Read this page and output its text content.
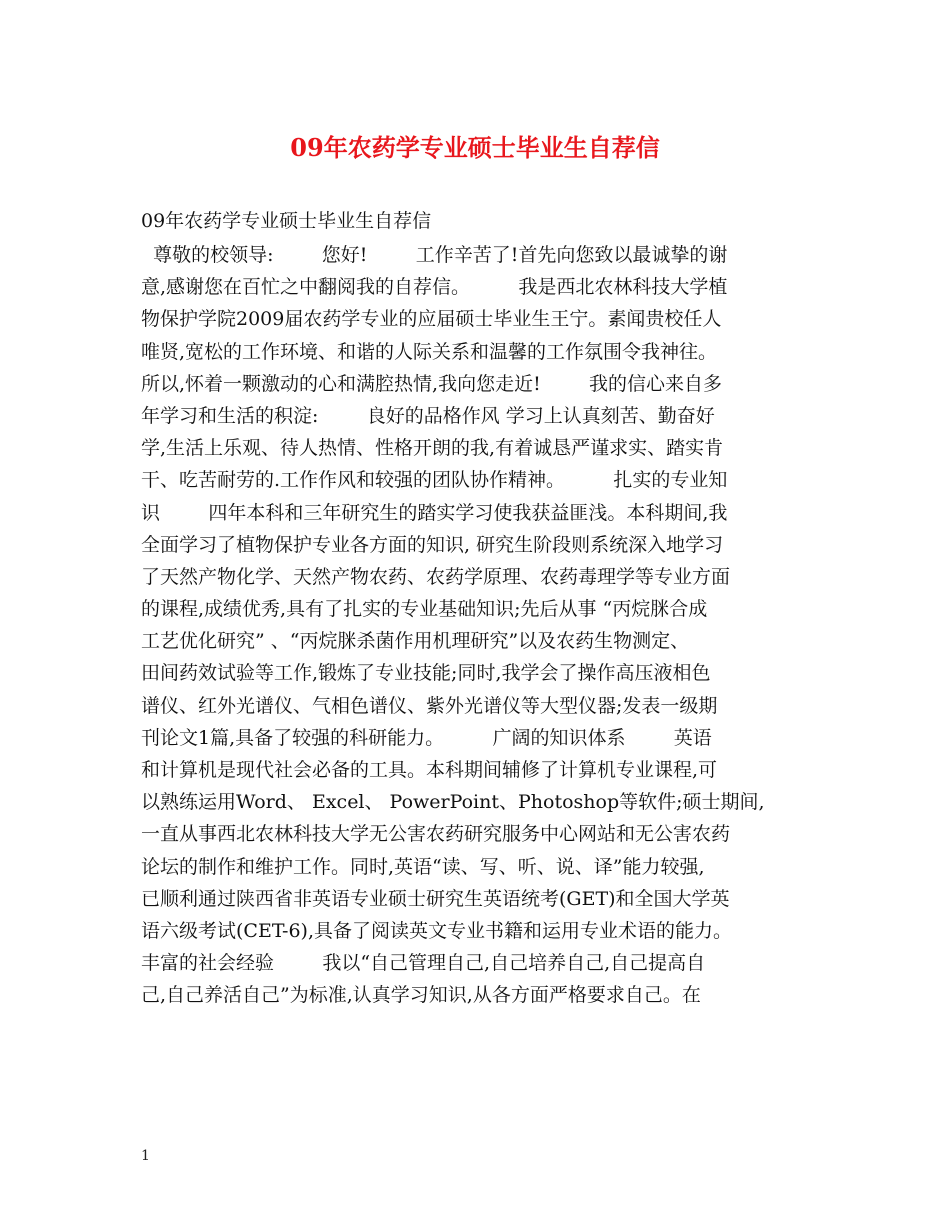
09年农药学专业硕士毕业生自荐信
09年农药学专业硕士毕业生自荐信
尊敬的校领导:        您好!        工作辛苦了!首先向您致以最诚挚的谢
意,感谢您在百忙之中翻阅我的自荐信。        我是西北农林科技大学植
物保护学院2009届农药学专业的应届硕士毕业生王宁。素闻贵校任人
唯贤,宽松的工作环境、和谐的人际关系和温馨的工作氛围令我神往。
所以,怀着一颗激动的心和满腔热情,我向您走近!        我的信心来自多
年学习和生活的积淀:        良好的品格作风 学习上认真刻苦、勤奋好
学,生活上乐观、待人热情、性格开朗的我,有着诚恳严谨求实、踏实肯
干、吃苦耐劳的.工作作风和较强的团队协作精神。        扎实的专业知
识        四年本科和三年研究生的踏实学习使我获益匪浅。本科期间,我
全面学习了植物保护专业各方面的知识, 研究生阶段则系统深入地学习
了天然产物化学、天然产物农药、农药学原理、农药毒理学等专业方面
的课程,成绩优秀,具有了扎实的专业基础知识;先后从事 “丙烷脒合成
工艺优化研究” 、“丙烷脒杀菌作用机理研究”以及农药生物测定、
田间药效试验等工作,锻炼了专业技能;同时,我学会了操作高压液相色
谱仪、红外光谱仪、气相色谱仪、紫外光谱仪等大型仪器;发表一级期
刊论文1篇,具备了较强的科研能力。        广阔的知识体系        英语
和计算机是现代社会必备的工具。本科期间辅修了计算机专业课程,可
以熟练运用Word、 Excel、 PowerPoint、Photoshop等软件;硕士期间,
一直从事西北农林科技大学无公害农药研究服务中心网站和无公害农药
论坛的制作和维护工作。同时,英语“读、写、听、说、译”能力较强,
已顺利通过陕西省非英语专业硕士研究生英语统考(GET)和全国大学英
语六级考试(CET-6),具备了阅读英文专业书籍和运用专业术语的能力。
丰富的社会经验        我以“自己管理自己,自己培养自己,自己提高自
己,自己养活自己”为标准,认真学习知识,从各方面严格要求自己。在
1
